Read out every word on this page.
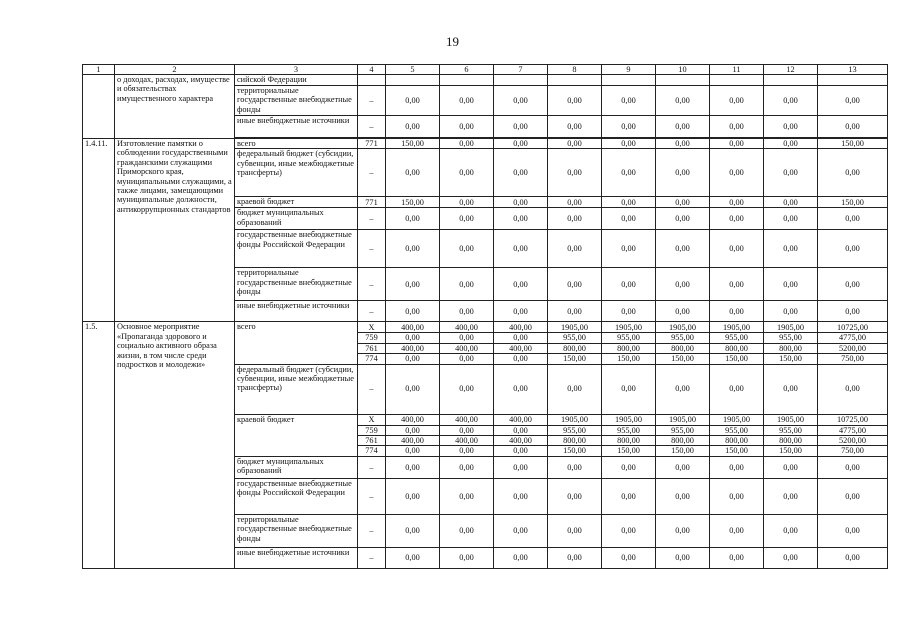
19
1	2	3	4	5	6	7	8	9	10	11	12	13
	о доходах, расходах, имуществе и обязательствах имущественного характера	сийской Федерации										
		территориальные государственные внебюджетные фонды	–	0,00	0,00	0,00	0,00	0,00	0,00	0,00	0,00	0,00
		иные внебюджетные источники	–	0,00	0,00	0,00	0,00	0,00	0,00	0,00	0,00	0,00

1.4.11.	Изготовление памятки о соблюдении государственными гражданскими служащими Приморского края, муниципальными служащими, а также лицами, замещающими муниципальные должности, антикоррупционных стандартов	всего	771	150,00	0,00	0,00	0,00	0,00	0,00	0,00	0,00	150,00
		федеральный бюджет (субсидии, субвенции, иные межбюджетные трансферты)	–	0,00	0,00	0,00	0,00	0,00	0,00	0,00	0,00	0,00
		краевой бюджет	771	150,00	0,00	0,00	0,00	0,00	0,00	0,00	0,00	150,00
		бюджет муниципальных образований	–	0,00	0,00	0,00	0,00	0,00	0,00	0,00	0,00	0,00
		государственные внебюджетные фонды Российской Федерации	–	0,00	0,00	0,00	0,00	0,00	0,00	0,00	0,00	0,00
		территориальные государственные внебюджетные фонды	–	0,00	0,00	0,00	0,00	0,00	0,00	0,00	0,00	0,00
		иные внебюджетные источники	–	0,00	0,00	0,00	0,00	0,00	0,00	0,00	0,00	0,00
1.5.	Основное мероприятие «Пропаганда здорового и социально активного образа жизни, в том числе среди подростков и молодежи»	всего	X	400,00	400,00	400,00	1905,00	1905,00	1905,00	1905,00	1905,00	10725,00
			759	0,00	0,00	0,00	955,00	955,00	955,00	955,00	955,00	4775,00
			761	400,00	400,00	400,00	800,00	800,00	800,00	800,00	800,00	5200,00
			774	0,00	0,00	0,00	150,00	150,00	150,00	150,00	150,00	750,00
		федеральный бюджет (субсидии, субвенции, иные межбюджетные трансферты)	–	0,00	0,00	0,00	0,00	0,00	0,00	0,00	0,00	0,00
		краевой бюджет	X	400,00	400,00	400,00	1905,00	1905,00	1905,00	1905,00	1905,00	10725,00
			759	0,00	0,00	0,00	955,00	955,00	955,00	955,00	955,00	4775,00
			761	400,00	400,00	400,00	800,00	800,00	800,00	800,00	800,00	5200,00
			774	0,00	0,00	0,00	150,00	150,00	150,00	150,00	150,00	750,00
		бюджет муниципальных образований	–	0,00	0,00	0,00	0,00	0,00	0,00	0,00	0,00	0,00
		государственные внебюджетные фонды Российской Федерации	–	0,00	0,00	0,00	0,00	0,00	0,00	0,00	0,00	0,00
		территориальные государственные внебюджетные фонды	–	0,00	0,00	0,00	0,00	0,00	0,00	0,00	0,00	0,00
		иные внебюджетные источники	–	0,00	0,00	0,00	0,00	0,00	0,00	0,00	0,00	0,00
